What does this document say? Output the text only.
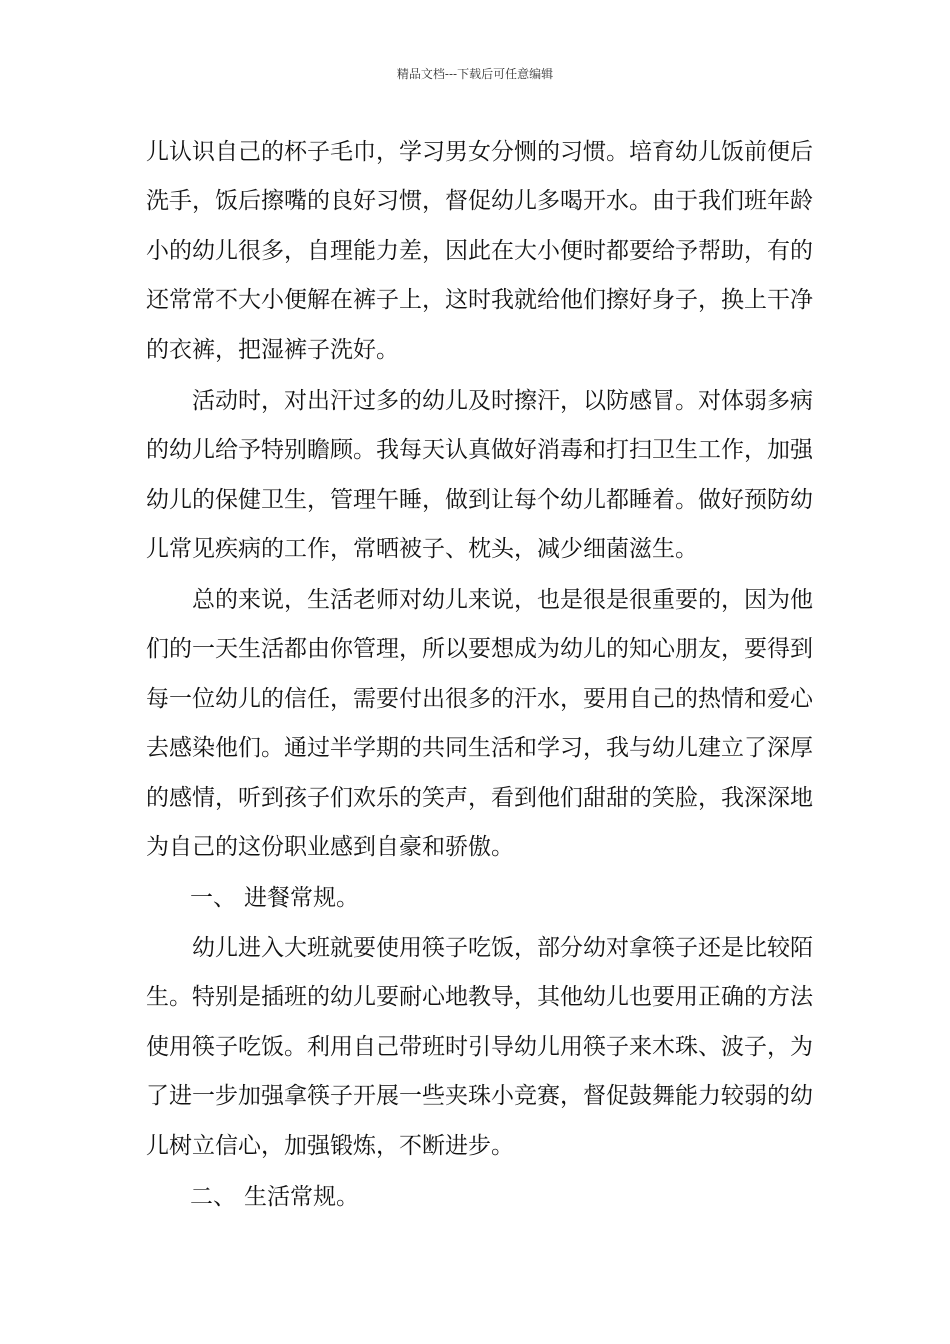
精品文档---下载后可任意编辑
儿认识自己的杯子毛巾，学习男女分恻的习惯。培育幼儿饭前便后
洗手，饭后擦嘴的良好习惯，督促幼儿多喝开水。由于我们班年龄
小的幼儿很多，自理能力差，因此在大小便时都要给予帮助，有的
还常常不大小便解在裤子上，这时我就给他们擦好身子，换上干净
的衣裤，把湿裤子洗好。
活动时，对出汗过多的幼儿及时擦汗，以防感冒。对体弱多病
的幼儿给予特别瞻顾。我每天认真做好消毒和打扫卫生工作，加强
幼儿的保健卫生，管理午睡，做到让每个幼儿都睡着。做好预防幼
儿常见疾病的工作，常晒被子、枕头，减少细菌滋生。
总的来说，生活老师对幼儿来说，也是很是很重要的，因为他
们的一天生活都由你管理，所以要想成为幼儿的知心朋友，要得到
每一位幼儿的信任，需要付出很多的汗水，要用自己的热情和爱心
去感染他们。通过半学期的共同生活和学习，我与幼儿建立了深厚
的感情，听到孩子们欢乐的笑声，看到他们甜甜的笑脸，我深深地
为自己的这份职业感到自豪和骄傲。
一、 进餐常规。
幼儿进入大班就要使用筷子吃饭，部分幼对拿筷子还是比较陌
生。特别是插班的幼儿要耐心地教导，其他幼儿也要用正确的方法
使用筷子吃饭。利用自己带班时引导幼儿用筷子来木珠、波子，为
了进一步加强拿筷子开展一些夹珠小竞赛，督促鼓舞能力较弱的幼
儿树立信心，加强锻炼，不断进步。
二、 生活常规。
